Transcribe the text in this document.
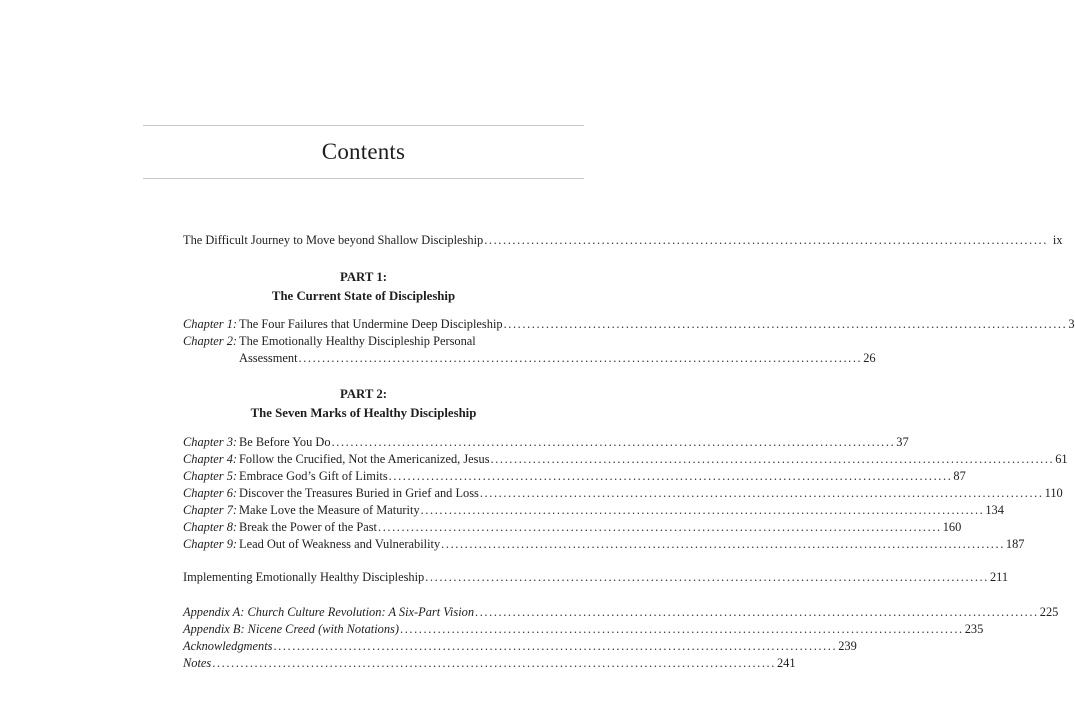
Contents
The Difficult Journey to Move beyond Shallow Discipleship ........................................................................................................................ ix
PART 1:
The Current State of Discipleship
Chapter 1: The Four Failures that Undermine Deep Discipleship ........................................................................................................................ 3
Chapter 2: The Emotionally Healthy Discipleship Personal
Assessment ........................................................................................................................ 26
PART 2:
The Seven Marks of Healthy Discipleship
Chapter 3: Be Before You Do ........................................................................................................................ 37
Chapter 4: Follow the Crucified, Not the Americanized, Jesus ........................................................................................................................ 61
Chapter 5: Embrace God’s Gift of Limits ........................................................................................................................ 87
Chapter 6: Discover the Treasures Buried in Grief and Loss ........................................................................................................................ 110
Chapter 7: Make Love the Measure of Maturity ........................................................................................................................ 134
Chapter 8: Break the Power of the Past ........................................................................................................................ 160
Chapter 9: Lead Out of Weakness and Vulnerability ........................................................................................................................ 187
Implementing Emotionally Healthy Discipleship ........................................................................................................................ 211
Appendix A: Church Culture Revolution: A Six-Part Vision ........................................................................................................................ 225
Appendix B: Nicene Creed (with Notations) ........................................................................................................................ 235
Acknowledgments ........................................................................................................................ 239
Notes ........................................................................................................................ 241
